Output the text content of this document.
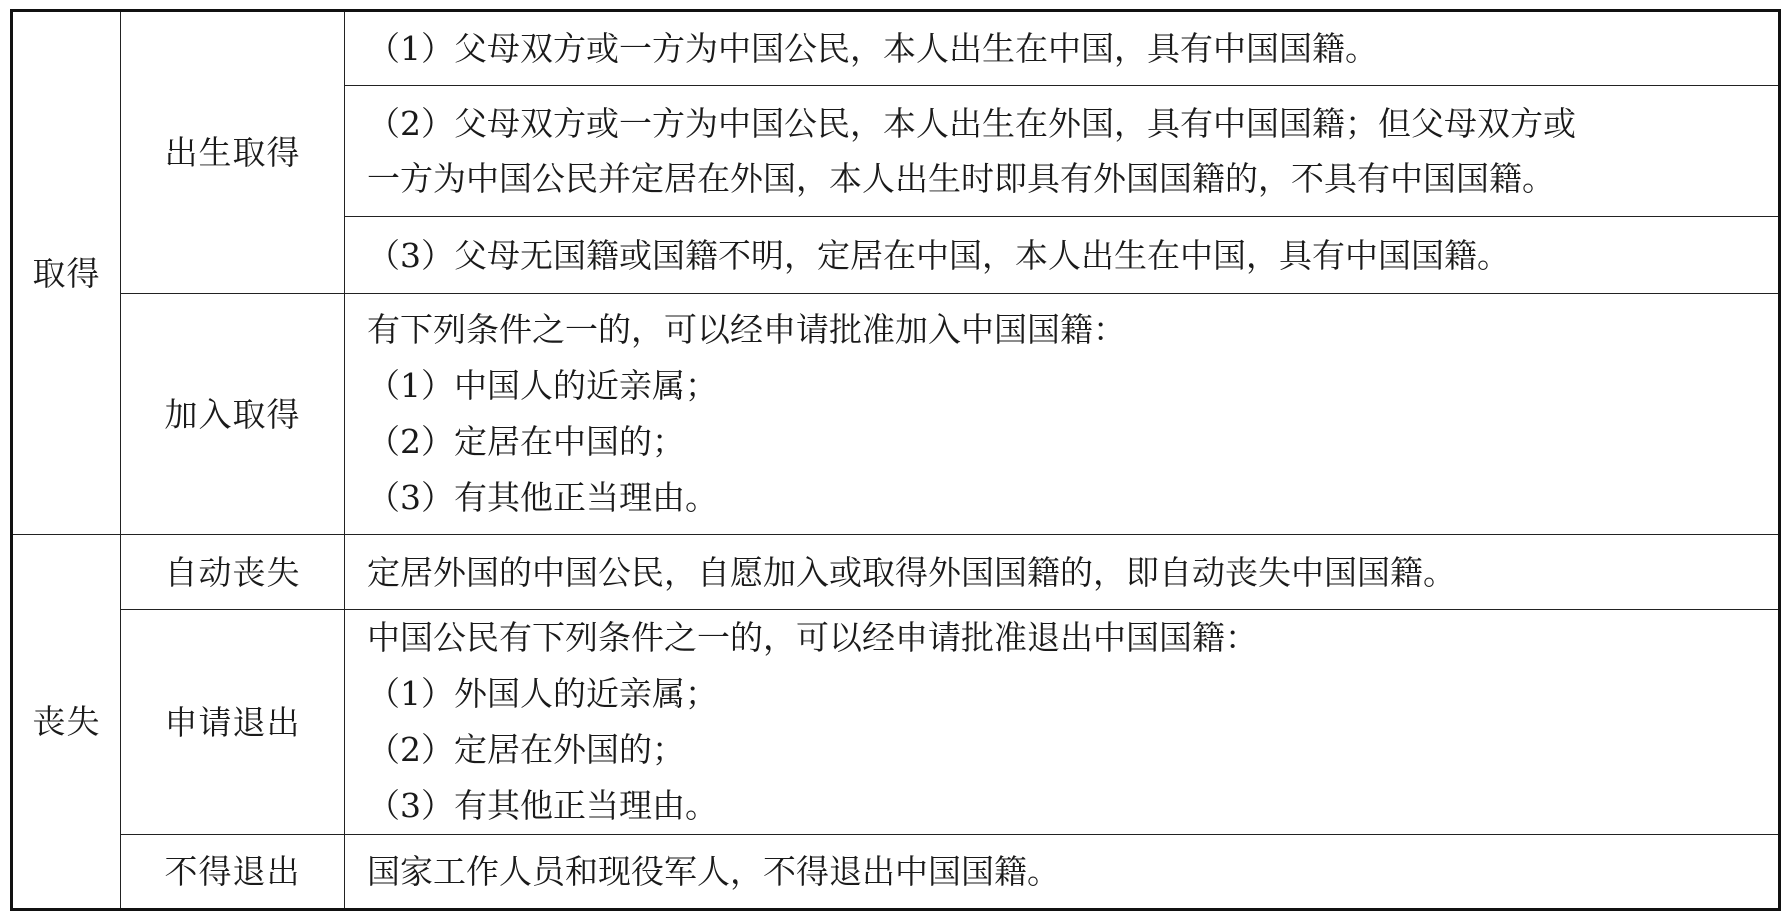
取得	出生取得	（1）父母双方或一方为中国公民，本人出生在中国，具有中国国籍。

		（2）父母双方或一方为中国公民，本人出生在外国，具有中国国籍；但父母双方或
一方为中国公民并定居在外国，本人出生时即具有外国国籍的，不具有中国国籍。

		（3）父母无国籍或国籍不明，定居在中国，本人出生在中国，具有中国国籍。

	加入取得	有下列条件之一的，可以经申请批准加入中国国籍：
（1）中国人的近亲属；
（2）定居在中国的；
（3）有其他正当理由。

丧失	自动丧失	定居外国的中国公民，自愿加入或取得外国国籍的，即自动丧失中国国籍。

	申请退出	中国公民有下列条件之一的，可以经申请批准退出中国国籍：
（1）外国人的近亲属；
（2）定居在外国的；
（3）有其他正当理由。

	不得退出	国家工作人员和现役军人，不得退出中国国籍。
